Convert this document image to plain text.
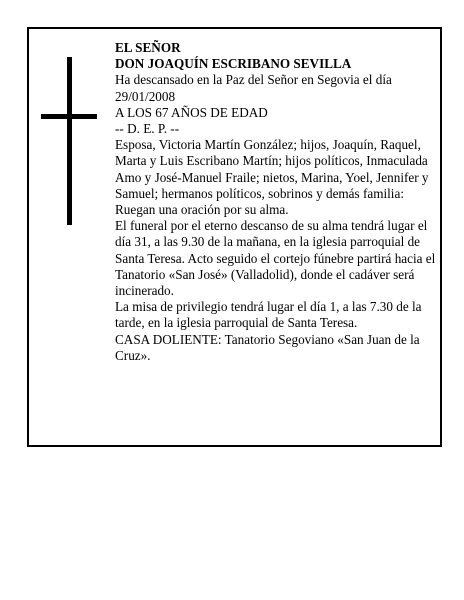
EL SEÑOR

DON JOAQUÍN ESCRIBANO SEVILLA

Ha descansado en la Paz del Señor en Segovia el día 29/01/2008

A LOS 67 AÑOS DE EDAD

-- D. E. P. --

Esposa, Victoria Martín González; hijos, Joaquín, Raquel, Marta y Luis Escribano Martín; hijos políticos, Inmaculada Amo y José-Manuel Fraile; nietos, Marina, Yoel, Jennifer y Samuel; hermanos políticos, sobrinos y demás familia:

Ruegan una oración por su alma.

El funeral por el eterno descanso de su alma tendrá lugar el día 31, a las 9.30 de la mañana, en la iglesia parroquial de Santa Teresa. Acto seguido el cortejo fúnebre partirá hacia el Tanatorio «San José» (Valladolid), donde el cadáver será incinerado.

La misa de privilegio tendrá lugar el día 1, a las 7.30 de la tarde, en la iglesia parroquial de Santa Teresa.

CASA DOLIENTE: Tanatorio Segoviano «San Juan de la Cruz».
